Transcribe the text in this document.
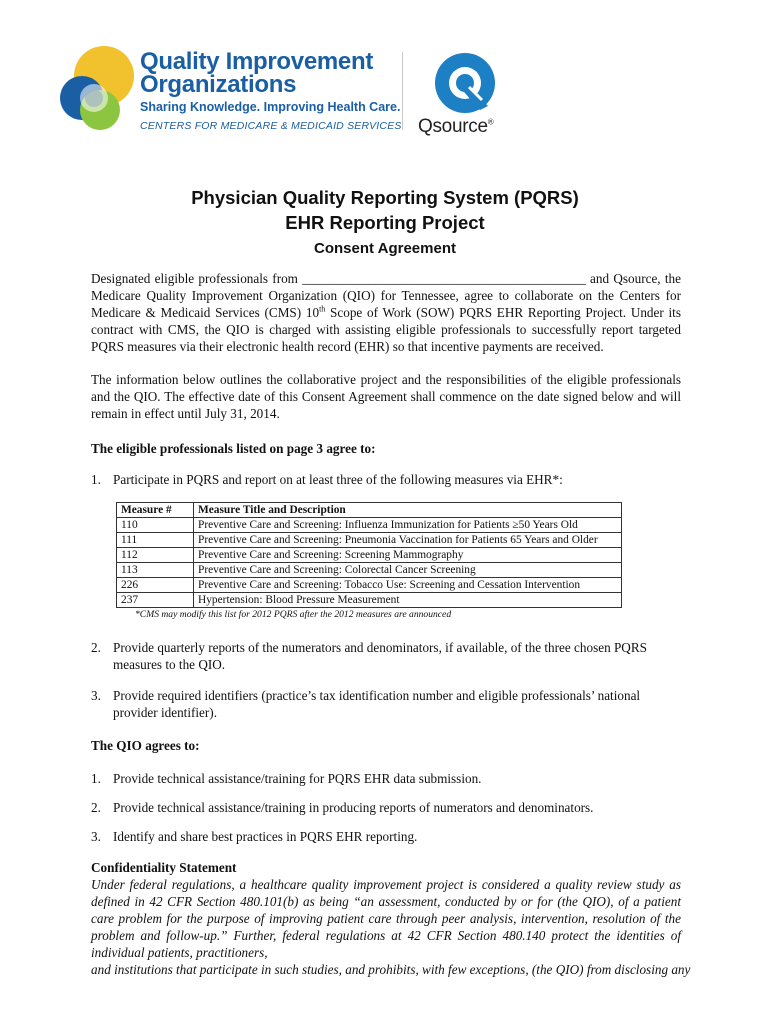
Quality Improvement
Organizations
Sharing Knowledge. Improving Health Care.
CENTERS FOR MEDICARE & MEDICAID SERVICES Qsource®
Physician Quality Reporting System (PQRS)
EHR Reporting Project
Consent Agreement

Designated eligible professionals from ___________________________________________ and Qsource, the Medicare Quality Improvement Organization (QIO) for Tennessee, agree to collaborate on the Centers for Medicare & Medicaid Services (CMS) 10th Scope of Work (SOW) PQRS EHR Reporting Project. Under its contract with CMS, the QIO is charged with assisting eligible professionals to successfully report targeted PQRS measures via their electronic health record (EHR) so that incentive payments are received.

The information below outlines the collaborative project and the responsibilities of the eligible professionals and the QIO. The effective date of this Consent Agreement shall commence on the date signed below and will remain in effect until July 31, 2014.

The eligible professionals listed on page 3 agree to:
1. Participate in PQRS and report on at least three of the following measures via EHR*:
Measure #	Measure Title and Description
110	Preventive Care and Screening: Influenza Immunization for Patients ≥50 Years Old
111	Preventive Care and Screening: Pneumonia Vaccination for Patients 65 Years and Older
112	Preventive Care and Screening: Screening Mammography
113	Preventive Care and Screening: Colorectal Cancer Screening
226	Preventive Care and Screening: Tobacco Use: Screening and Cessation Intervention
237	Hypertension: Blood Pressure Measurement
*CMS may modify this list for 2012 PQRS after the 2012 measures are announced
2. Provide quarterly reports of the numerators and denominators, if available, of the three chosen PQRS measures to the QIO.
3. Provide required identifiers (practice’s tax identification number and eligible professionals’ national provider identifier).
The QIO agrees to:
1. Provide technical assistance/training for PQRS EHR data submission.
2. Provide technical assistance/training in producing reports of numerators and denominators.
3. Identify and share best practices in PQRS EHR reporting.
Confidentiality Statement
Under federal regulations, a healthcare quality improvement project is considered a quality review study as defined in 42 CFR Section 480.101(b) as being “an assessment, conducted by or for (the QIO), of a patient care problem for the purpose of improving patient care through peer analysis, intervention, resolution of the problem and follow-up.” Further, federal regulations at 42 CFR Section 480.140 protect the identities of individual patients, practitioners,
and institutions that participate in such studies, and prohibits, with few exceptions, (the QIO) from disclosing any
